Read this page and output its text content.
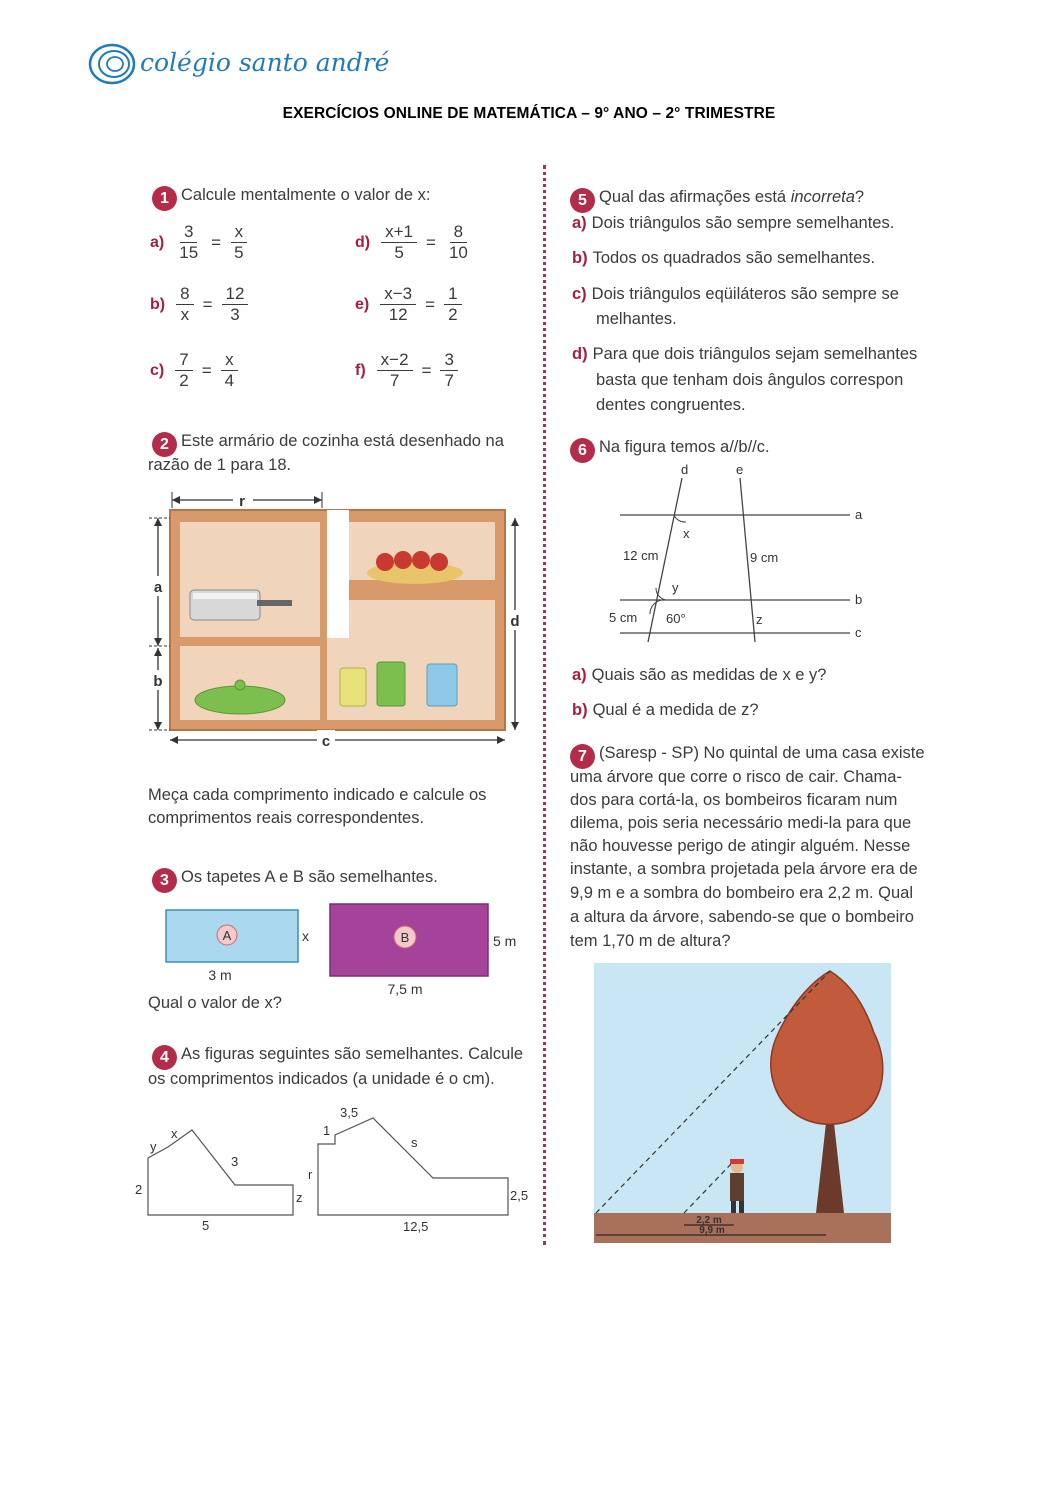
colégio santo andré
EXERCÍCIOS ONLINE DE MATEMÁTICA – 9° ANO – 2° TRIMESTRE
1 Calcule mentalmente o valor de x:
$a) \frac{3}{15} = \frac{x}{5}$
$b) \frac{8}{x} = \frac{12}{3}$
$c) \frac{7}{2} = \frac{x}{4}$
$d) \frac{x+1}{5} = \frac{8}{10}$
$e) \frac{x-3}{12} = \frac{1}{2}$
$f) \frac{x-2}{7} = \frac{3}{7}$
2 Este armário de cozinha está desenhado na
razão de 1 para 18.
r
c
a
b
d
Meça cada comprimento indicado e calcule os
comprimentos reais correspondentes.
3 Os tapetes A e B são semelhantes.
A	x
3 m
B	5 m
7,5 m
Qual o valor de x?
4 As figuras seguintes são semelhantes. Calcule
os comprimentos indicados (a unidade é o cm).
y
x
3
2
z
5
3,5
1
s
r
2,5
12,5
5 Qual das afirmações está incorreta?
a) Dois triângulos são sempre semelhantes.
b) Todos os quadrados são semelhantes.
c) Dois triângulos eqüiláteros são sempre se
melhantes.
d) Para que dois triângulos sejam semelhantes
basta que tenham dois ângulos correspon
dentes congruentes.
6 Na figura temos a//b//c.
d	e
a
b
c
x
y
z
12 cm	9 cm
5 cm 60°
a) Quais são as medidas de x e y?
b) Qual é a medida de z?
7 (Saresp - SP) No quintal de uma casa existe
uma árvore que corre o risco de cair. Chama-
dos para cortá-la, os bombeiros ficaram num
dilema, pois seria necessário medi-la para que
não houvesse perigo de atingir alguém. Nesse
instante, a sombra projetada pela árvore era de
9,9 m e a sombra do bombeiro era 2,2 m. Qual
a altura da árvore, sabendo-se que o bombeiro
tem 1,70 m de altura?
2,2 m
9,9 m
